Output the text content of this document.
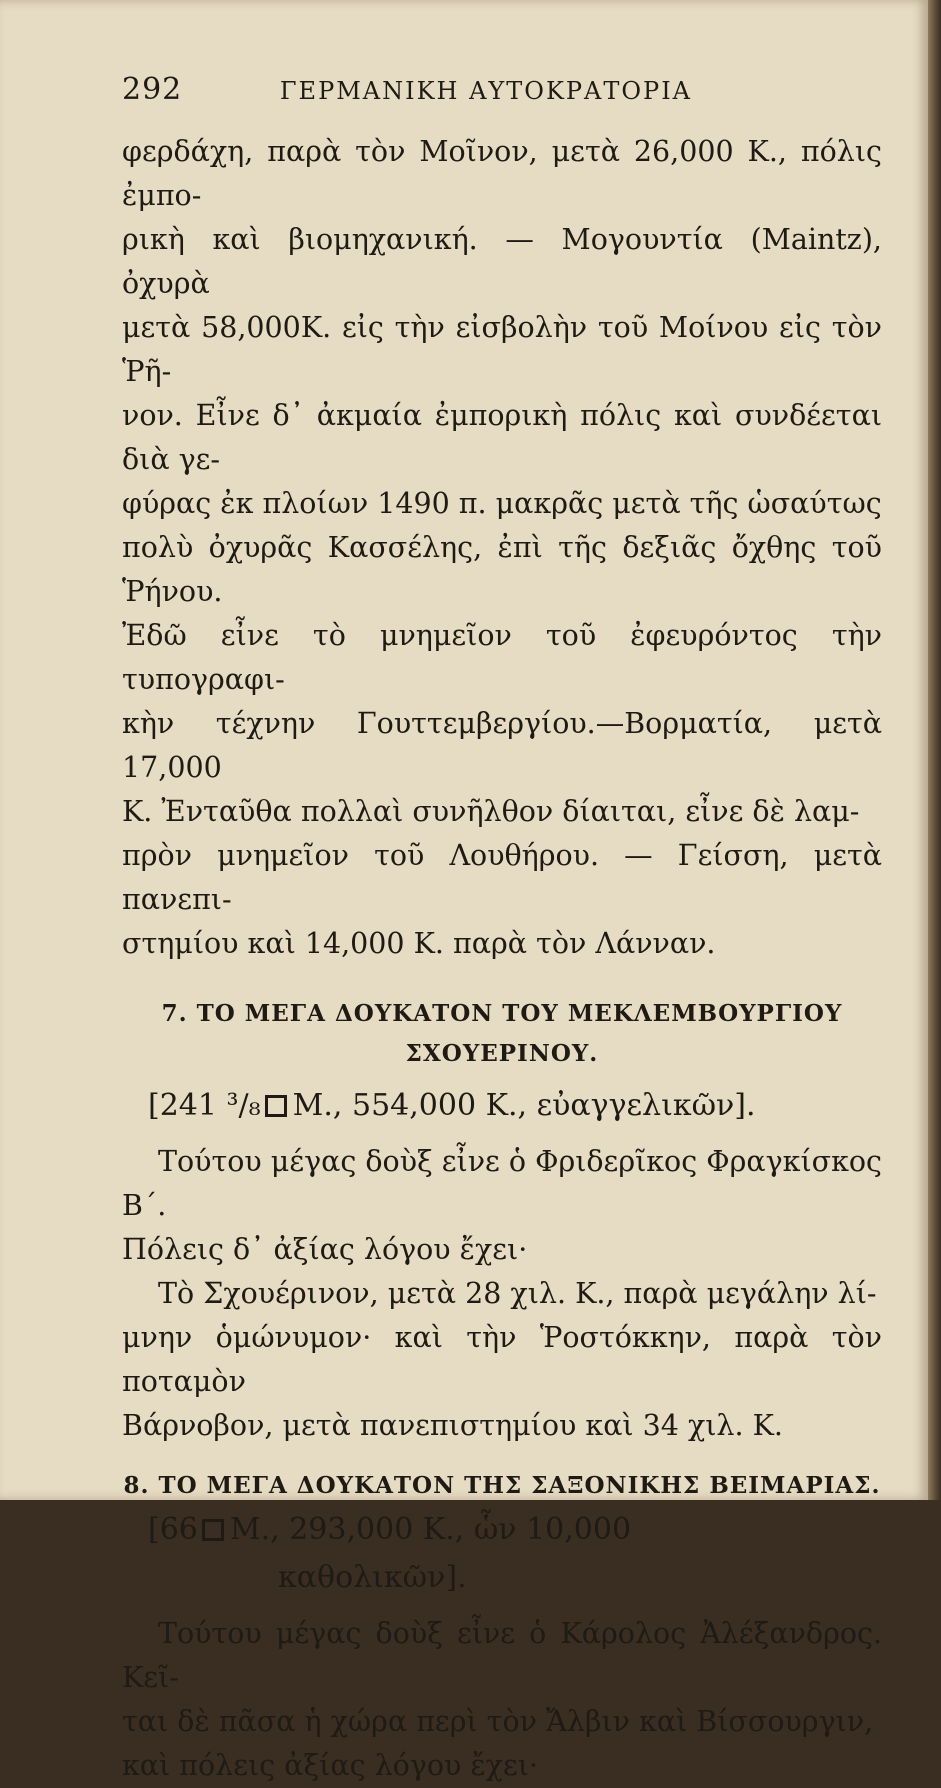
292	ΓΕΡΜΑΝΙΚΗ ΑΥΤΟΚΡΑΤΟΡΙΑ

φερδάχη, παρὰ τὸν Μοῖνον, μετὰ 26,000 Κ., πόλις ἐμπο-

ρικὴ καὶ βιομηχανική. — Μογουντία (Maintz), ὀχυρὰ

μετὰ 58,000Κ. εἰς τὴν εἰσβολὴν τοῦ Μοίνου εἰς τὸν Ῥῆ-

νον. Εἶνε δ᾽ ἀκμαία ἐμπορικὴ πόλις καὶ συνδέεται διὰ γε-

φύρας ἐκ πλοίων 1490 π. μακρᾶς μετὰ τῆς ὡσαύτως

πολὺ ὀχυρᾶς Κασσέλης, ἐπὶ τῆς δεξιᾶς ὄχθης τοῦ Ῥήνου.

Ἐδῶ εἶνε τὸ μνημεῖον τοῦ ἐφευρόντος τὴν τυπογραφι-

κὴν τέχνην Γουττεμβεργίου.—Βορματία, μετὰ 17,000

Κ. Ἐνταῦθα πολλαὶ συνῆλθον δίαιται, εἶνε δὲ λαμ-

πρὸν μνημεῖον τοῦ Λουθήρου. — Γείσση, μετὰ πανεπι-

στημίου καὶ 14,000 Κ. παρὰ τὸν Λάνναν.

7. ΤΟ ΜΕΓΑ ΔΟΥΚΑΤΟΝ ΤΟΥ ΜΕΚΛΕΜΒΟΥΡΓΙΟΥ
ΣΧΟΥΕΡΙΝΟΥ.
[241 ³/₈ Μ., 554,000 Κ., εὐαγγελικῶν].

Τούτου μέγας δοὺξ εἶνε ὁ Φριδερῖκος Φραγκίσκος Β΄.

Πόλεις δ᾽ ἀξίας λόγου ἔχει·

Τὸ Σχουέρινον, μετὰ 28 χιλ. Κ., παρὰ μεγάλην λί-

μνην ὁμώνυμον· καὶ τὴν Ῥοστόκκην, παρὰ τὸν ποταμὸν

Βάρνοβον, μετὰ πανεπιστημίου καὶ 34 χιλ. Κ.

8. ΤΟ ΜΕΓΑ ΔΟΥΚΑΤΟΝ ΤΗΣ ΣΑΞΟΝΙΚΗΣ ΒΕΙΜΑΡΙΑΣ.
[66 Μ., 293,000 Κ., ὧν 10,000
καθολικῶν].

Τούτου μέγας δοὺξ εἶνε ὁ Κάρολος Ἀλέξανδρος. Κεῖ-

ται δὲ πᾶσα ἡ χώρα περὶ τὸν Ἄλβιν καὶ Βίσσουργιν,

καὶ πόλεις ἀξίας λόγου ἔχει·
